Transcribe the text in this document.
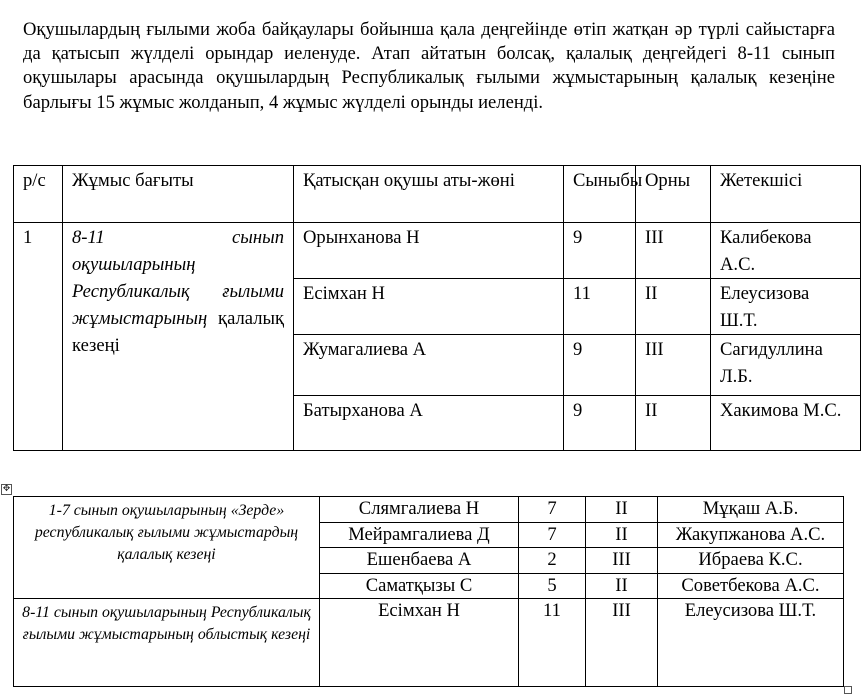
Оқушылардың ғылыми жоба байқаулары бойынша қала деңгейінде өтіп жатқан әр түрлі сайыстарға да қатысып жүлделі орындар иеленуде. Атап айтатын болсақ, қалалық деңгейдегі 8-11 сынып оқушылары арасында оқушылардың Республикалық ғылыми жұмыстарының қалалық кезеңіне барлығы 15 жұмыс жолданып, 4 жұмыс жүлделі орынды иеленді.

р/с	Жұмыс бағыты	Қатысқан оқушы аты-жөні	Сыныбы	Орны	Жетекшісі
1	8-11 сынып оқушыларының Республикалық ғылыми жұмыстарының қалалық кезеңі	Орынханова Н	9	III	Калибекова А.С.
		Есімхан Н	11	II	Елеусизова Ш.Т.
		Жумагалиева А	9	III	Сагидуллина Л.Б.
		Батырханова А	9	II	Хакимова М.С.
✥
1-7 сынып оқушыларының «Зерде» республикалық ғылыми жұмыстардың қалалық кезеңі	Слямгалиева Н	7	II	Мұқаш А.Б.
	Мейрамгалиева Д	7	II	Жакупжанова А.С.
	Ешенбаева А	2	III	Ибраева К.С.
	Саматқызы С	5	II	Советбекова А.С.
8-11 сынып оқушыларының Республикалық ғылыми жұмыстарының облыстық кезеңі	Есімхан Н	11	III	Елеусизова Ш.Т.
